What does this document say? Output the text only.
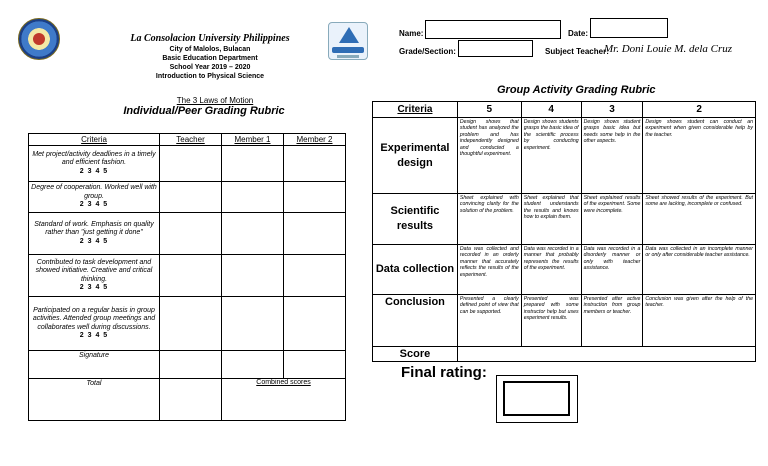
La Consolacion University Philippines
City of Malolos, Bulacan
Basic Education Department
School Year 2019 – 2020
Introduction to Physical Science
The 3 Laws of Motion
Individual/Peer Grading Rubric
Criteria	Teacher	Member 1	Member 2
Met project/activity deadlines in a timely and efficient fashion.
2 3 4 5			

Degree of cooperation. Worked well with group.
2 3 4 5			

Standard of work. Emphasis on quality rather than "just getting it done"
2 3 4 5			

Contributed to task development and showed initiative. Creative and critical thinking.
2 3 4 5			

Participated on a regular basis in group activities. Attended group meetings and collaborates well during discussions.
2 3 4 5			

Signature			
Total		Combined scores	
Name:	Date:
Grade/Section:	Subject Teacher:
Mr. Doni Louie M. dela Cruz
Group Activity Grading Rubric
Criteria	5	4	3	2
Experimental design	Design shows that student has analyzed the problem and has independently designed and conducted a thoughtful experiment.	Design shows students grasps the basic idea of the scientific process by conducting experiment.	Design shows student grasps basic idea but needs some help in the other aspects.	Design shows student can conduct an experiment when given considerable help by the teacher.
Scientific results	Sheet explained with convincing clarity for the solution of the problem.	Sheet explained that student understands the results and knows how to explain them.	Sheet explained results of the experiment. Some were incomplete.	Sheet showed results of the experiment. But some are lacking, incomplete or confused.
Data collection	Data was collected and recorded in an orderly manner that accurately reflects the results of the experiment.	Data was recorded in a manner that probably represents the results of the experiment.	Data was recorded in a disorderly manner or only with teacher assistance.	Data was collected in an incomplete manner or only after considerable teacher assistance.
Conclusion	Presented a clearly defined point of view that can be supported.	Presented was prepared with some instructor help but uses experiment results.	Presented after active instruction from group members or teacher.	Conclusion was given after the help of the teacher.
Score				
Final rating:
